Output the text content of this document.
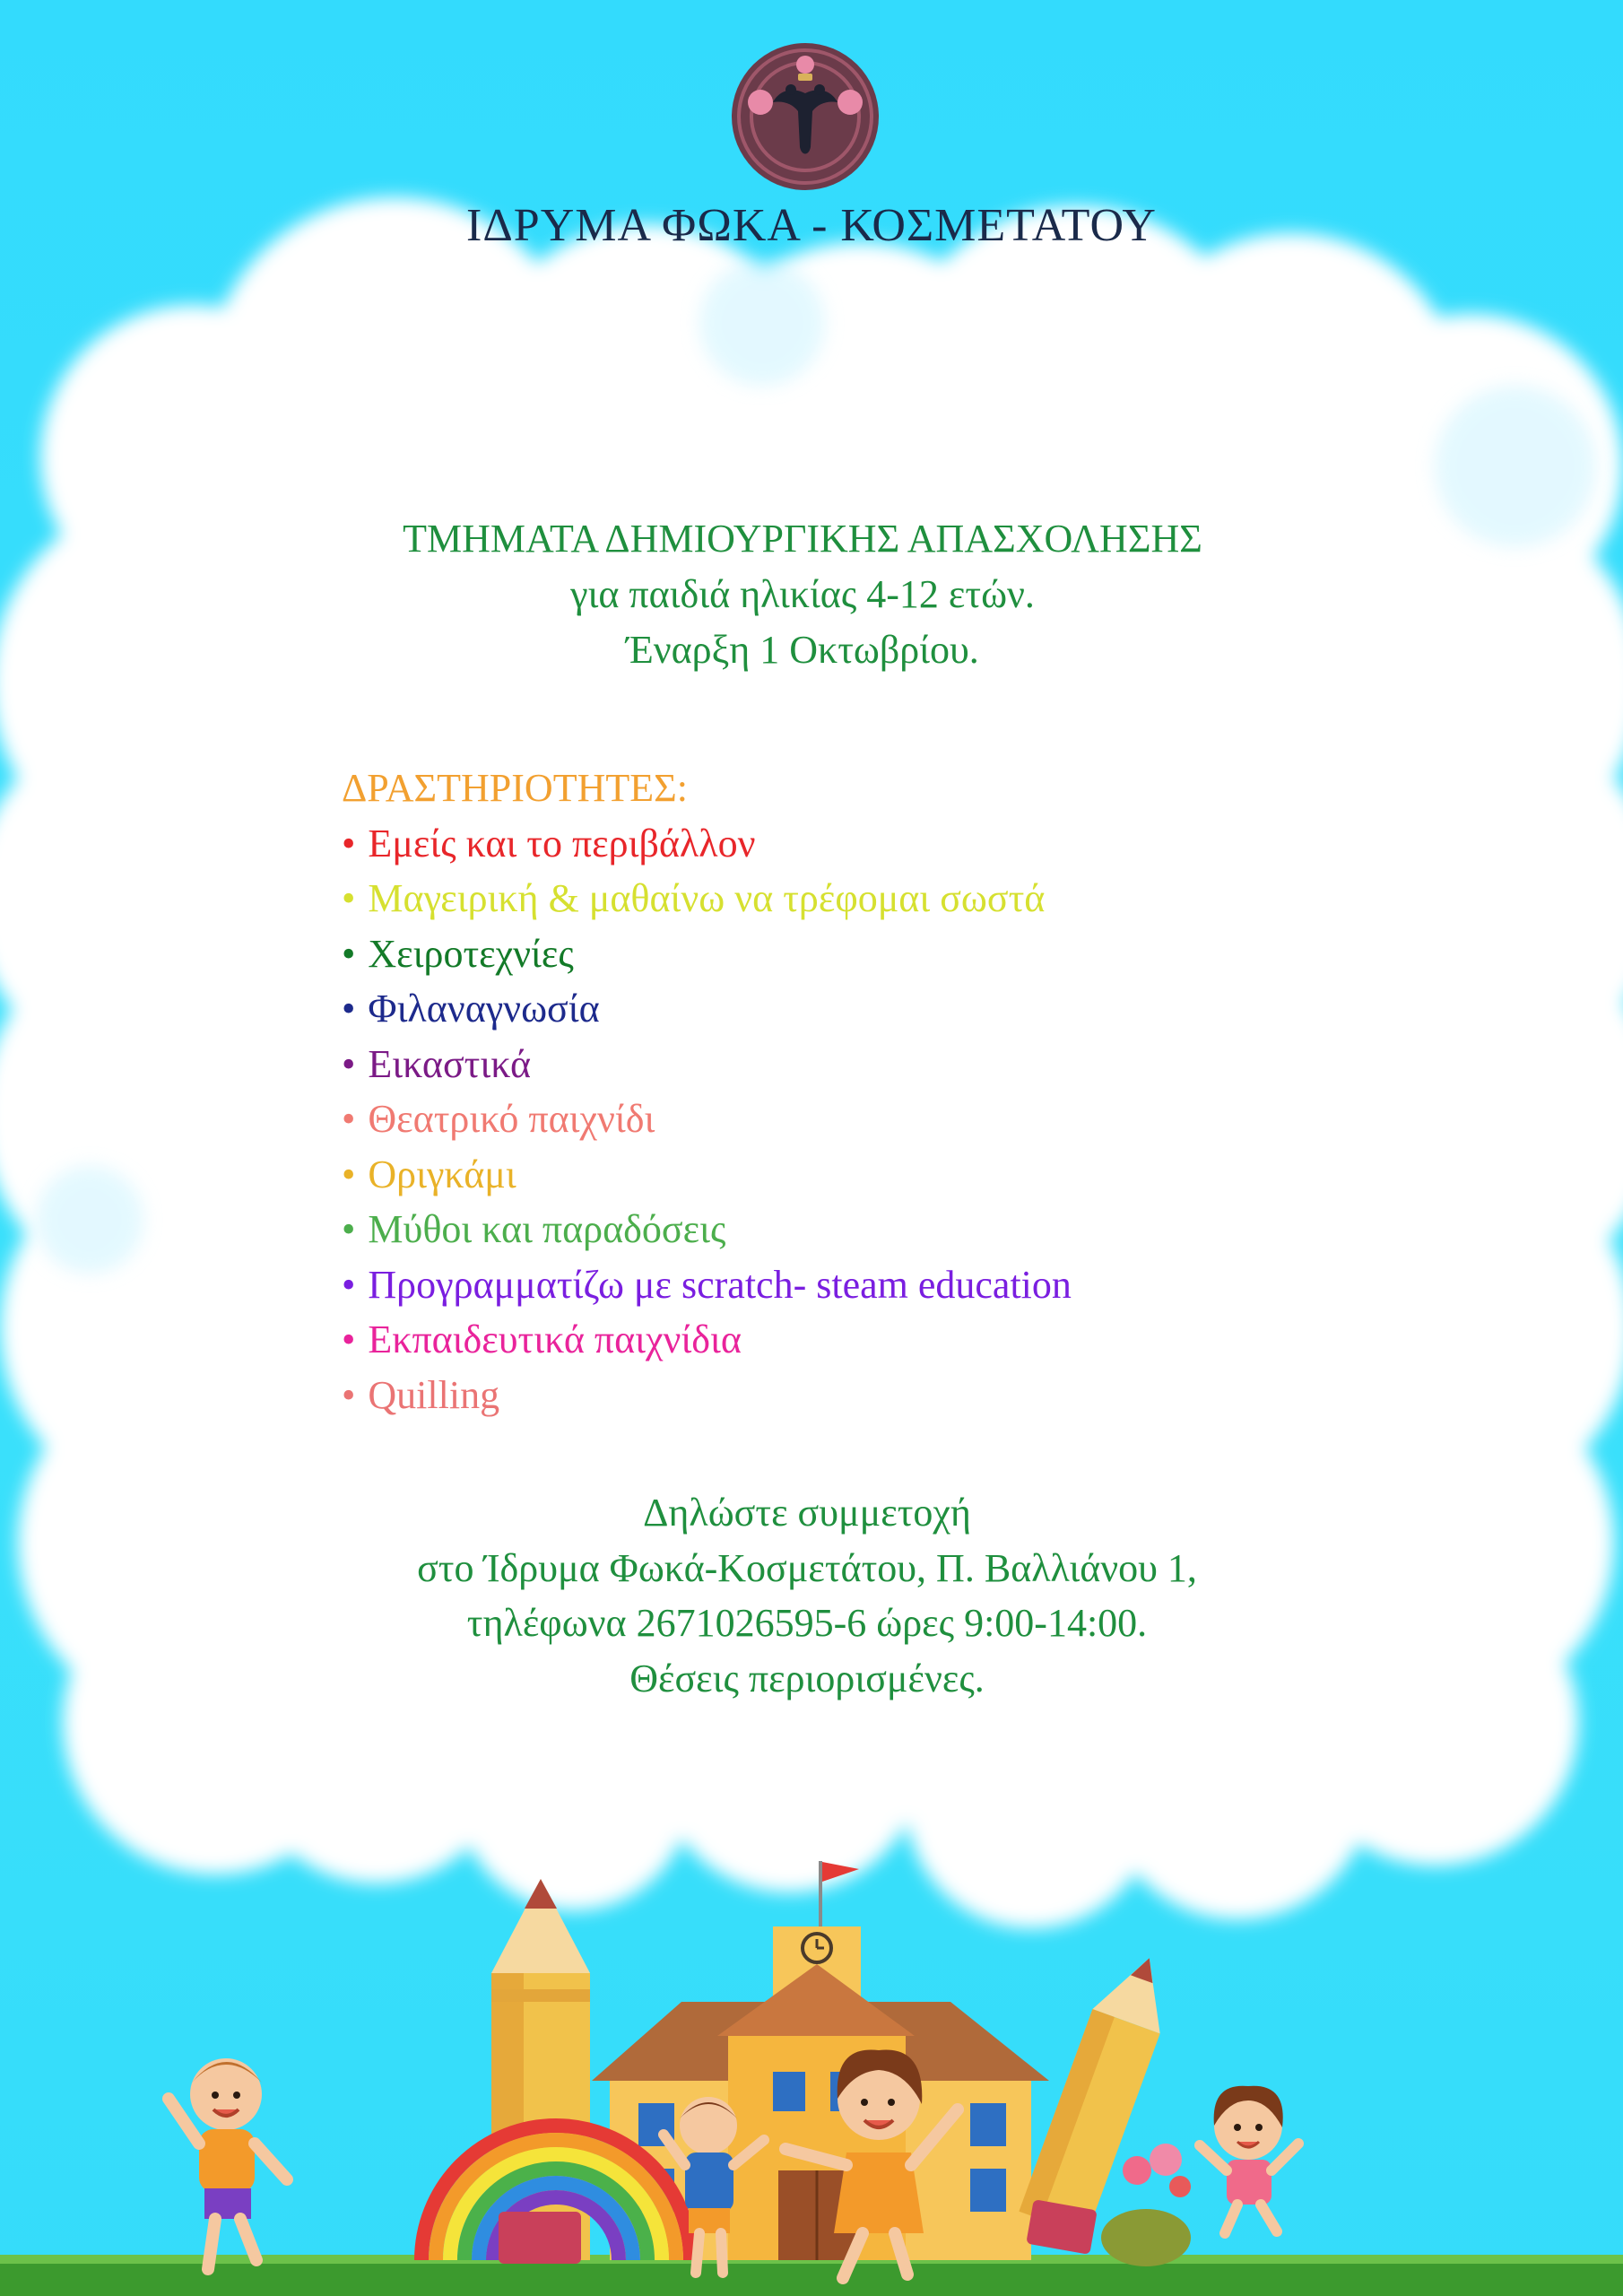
ΙΔΡΥΜΑ ΦΩΚΑ - ΚΟΣΜΕΤΑΤΟΥ
ΤΜΗΜΑΤΑ ΔΗΜΙΟΥΡΓΙΚΗΣ ΑΠΑΣΧΟΛΗΣΗΣ
για παιδιά ηλικίας 4-12 ετών.
Έναρξη 1 Οκτωβρίου.
ΔΡΑΣΤΗΡΙΟΤΗΤΕΣ:
• Εμείς και το περιβάλλον
• Μαγειρική & μαθαίνω να τρέφομαι σωστά
• Χειροτεχνίες
• Φιλαναγνωσία
• Εικαστικά
• Θεατρικό παιχνίδι
• Οριγκάμι
• Μύθοι και παραδόσεις
• Προγραμματίζω με scratch- steam education
• Εκπαιδευτικά παιχνίδια
• Quilling
Δηλώστε συμμετοχή
στο Ίδρυμα Φωκά-Κοσμετάτου, Π. Βαλλιάνου 1,
τηλέφωνα 2671026595-6 ώρες 9:00-14:00.
Θέσεις περιορισμένες.
